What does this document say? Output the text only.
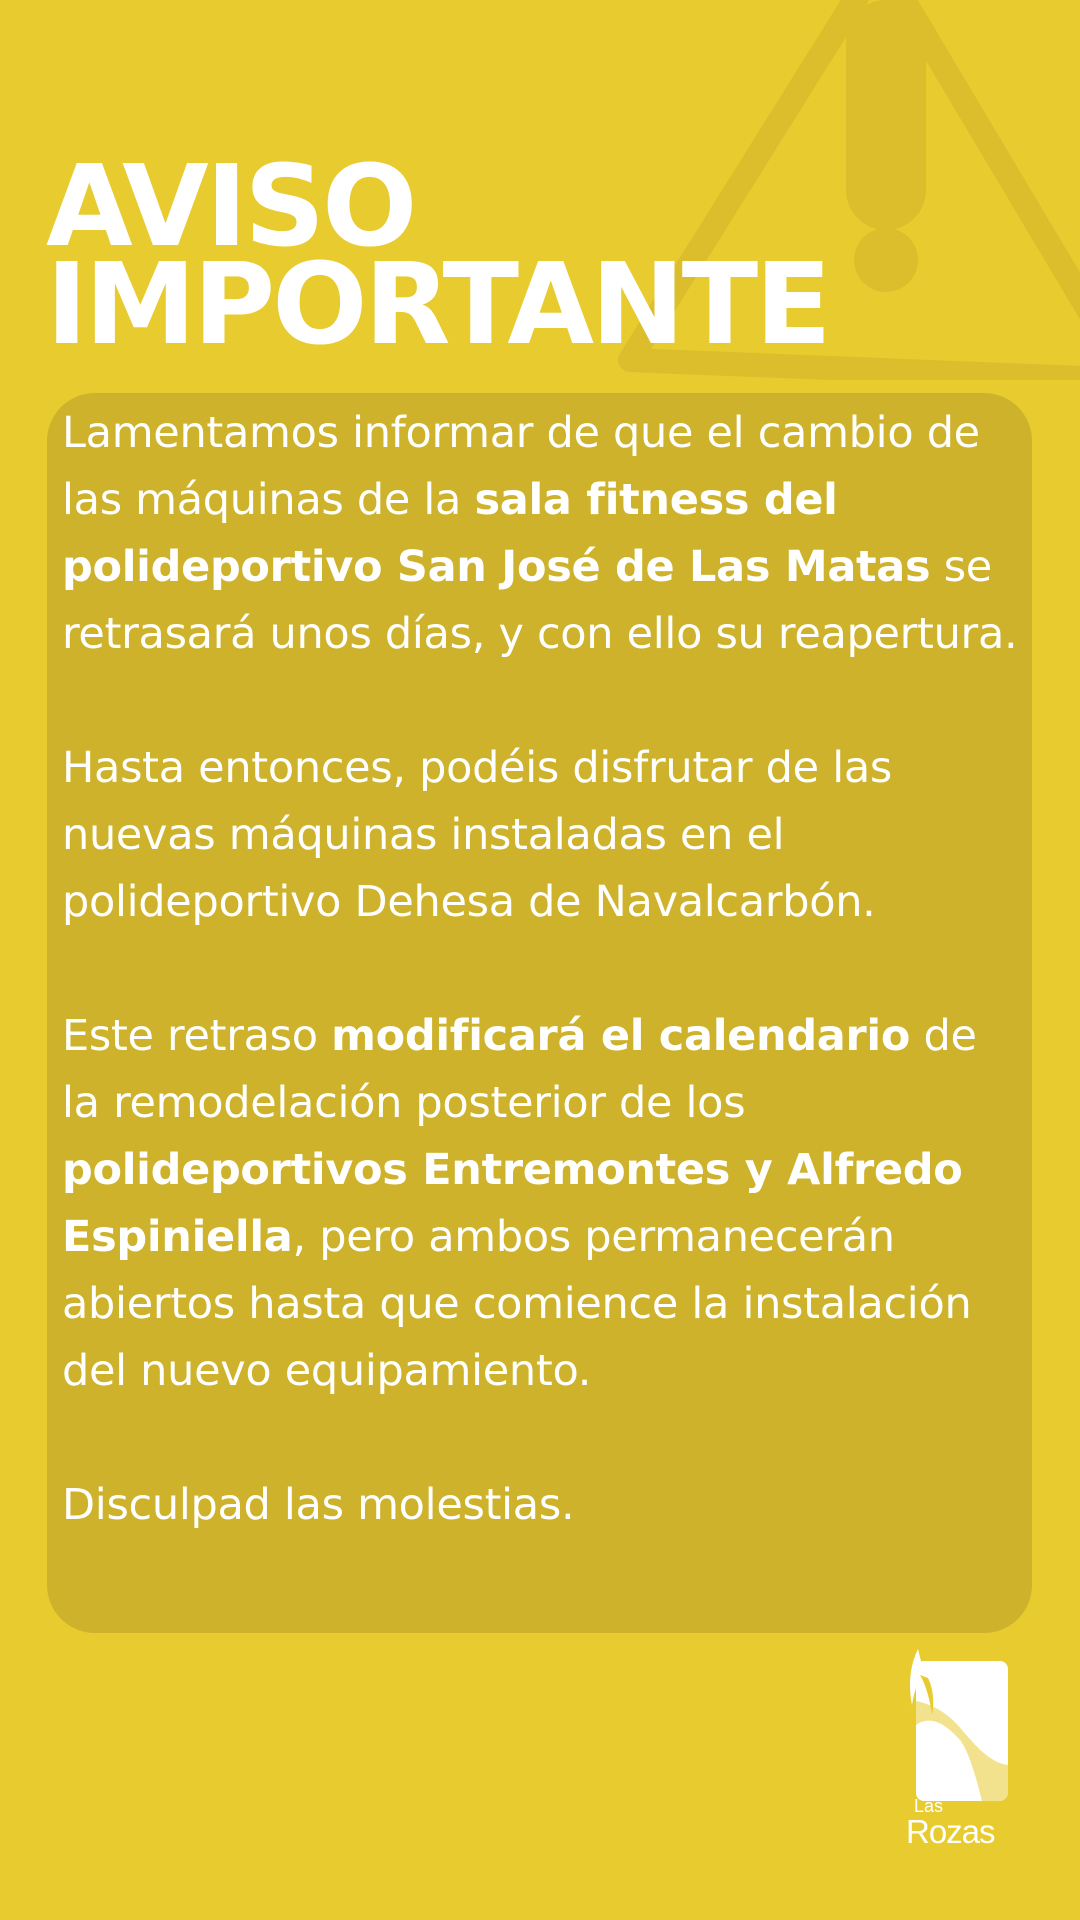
AVISO
IMPORTANTE

Lamentamos informar de que el cambio de las máquinas de la sala fitness del polideportivo San José de Las Matas se retrasará unos días, y con ello su reapertura.

Hasta entonces, podéis disfrutar de las nuevas máquinas instaladas en el polideportivo Dehesa de Navalcarbón.

Este retraso modificará el calendario de la remodelación posterior de los polideportivos Entremontes y Alfredo Espiniella, pero ambos permanecerán abiertos hasta que comience la instalación del nuevo equipamiento.

Disculpad las molestias.

Las
Rozas
